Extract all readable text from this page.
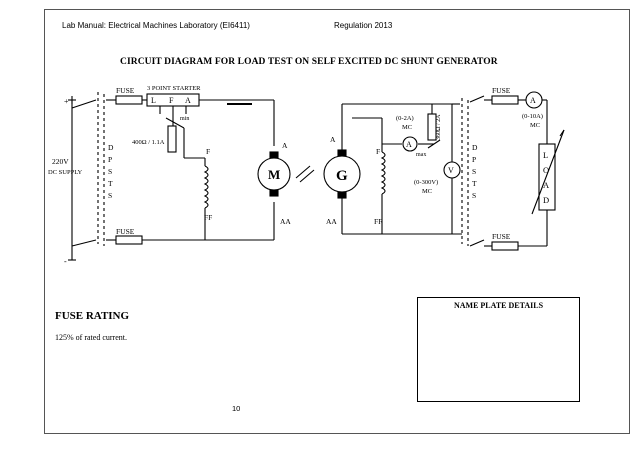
Lab Manual: Electrical Machines Laboratory (EI6411)	Regulation 2013
CIRCUIT DIAGRAM FOR LOAD TEST ON SELF EXCITED DC SHUNT GENERATOR
220V
DC SUPPLY
FUSE
FUSE
D
P
S
T
S
3 POINT STARTER
L F A
400Ω / 1.1A
min
F
FF
A
AA
M	G
A
AA
F
FF
(0-2A)
MC
A
max
360Ω / 2A
(0-300V)
MC
V
D
P
S
T
S
FUSE
FUSE
A
(0-10A)
MC
L
O
A
D
+
-
FUSE RATING
125% of rated current.
NAME PLATE DETAILS
10
